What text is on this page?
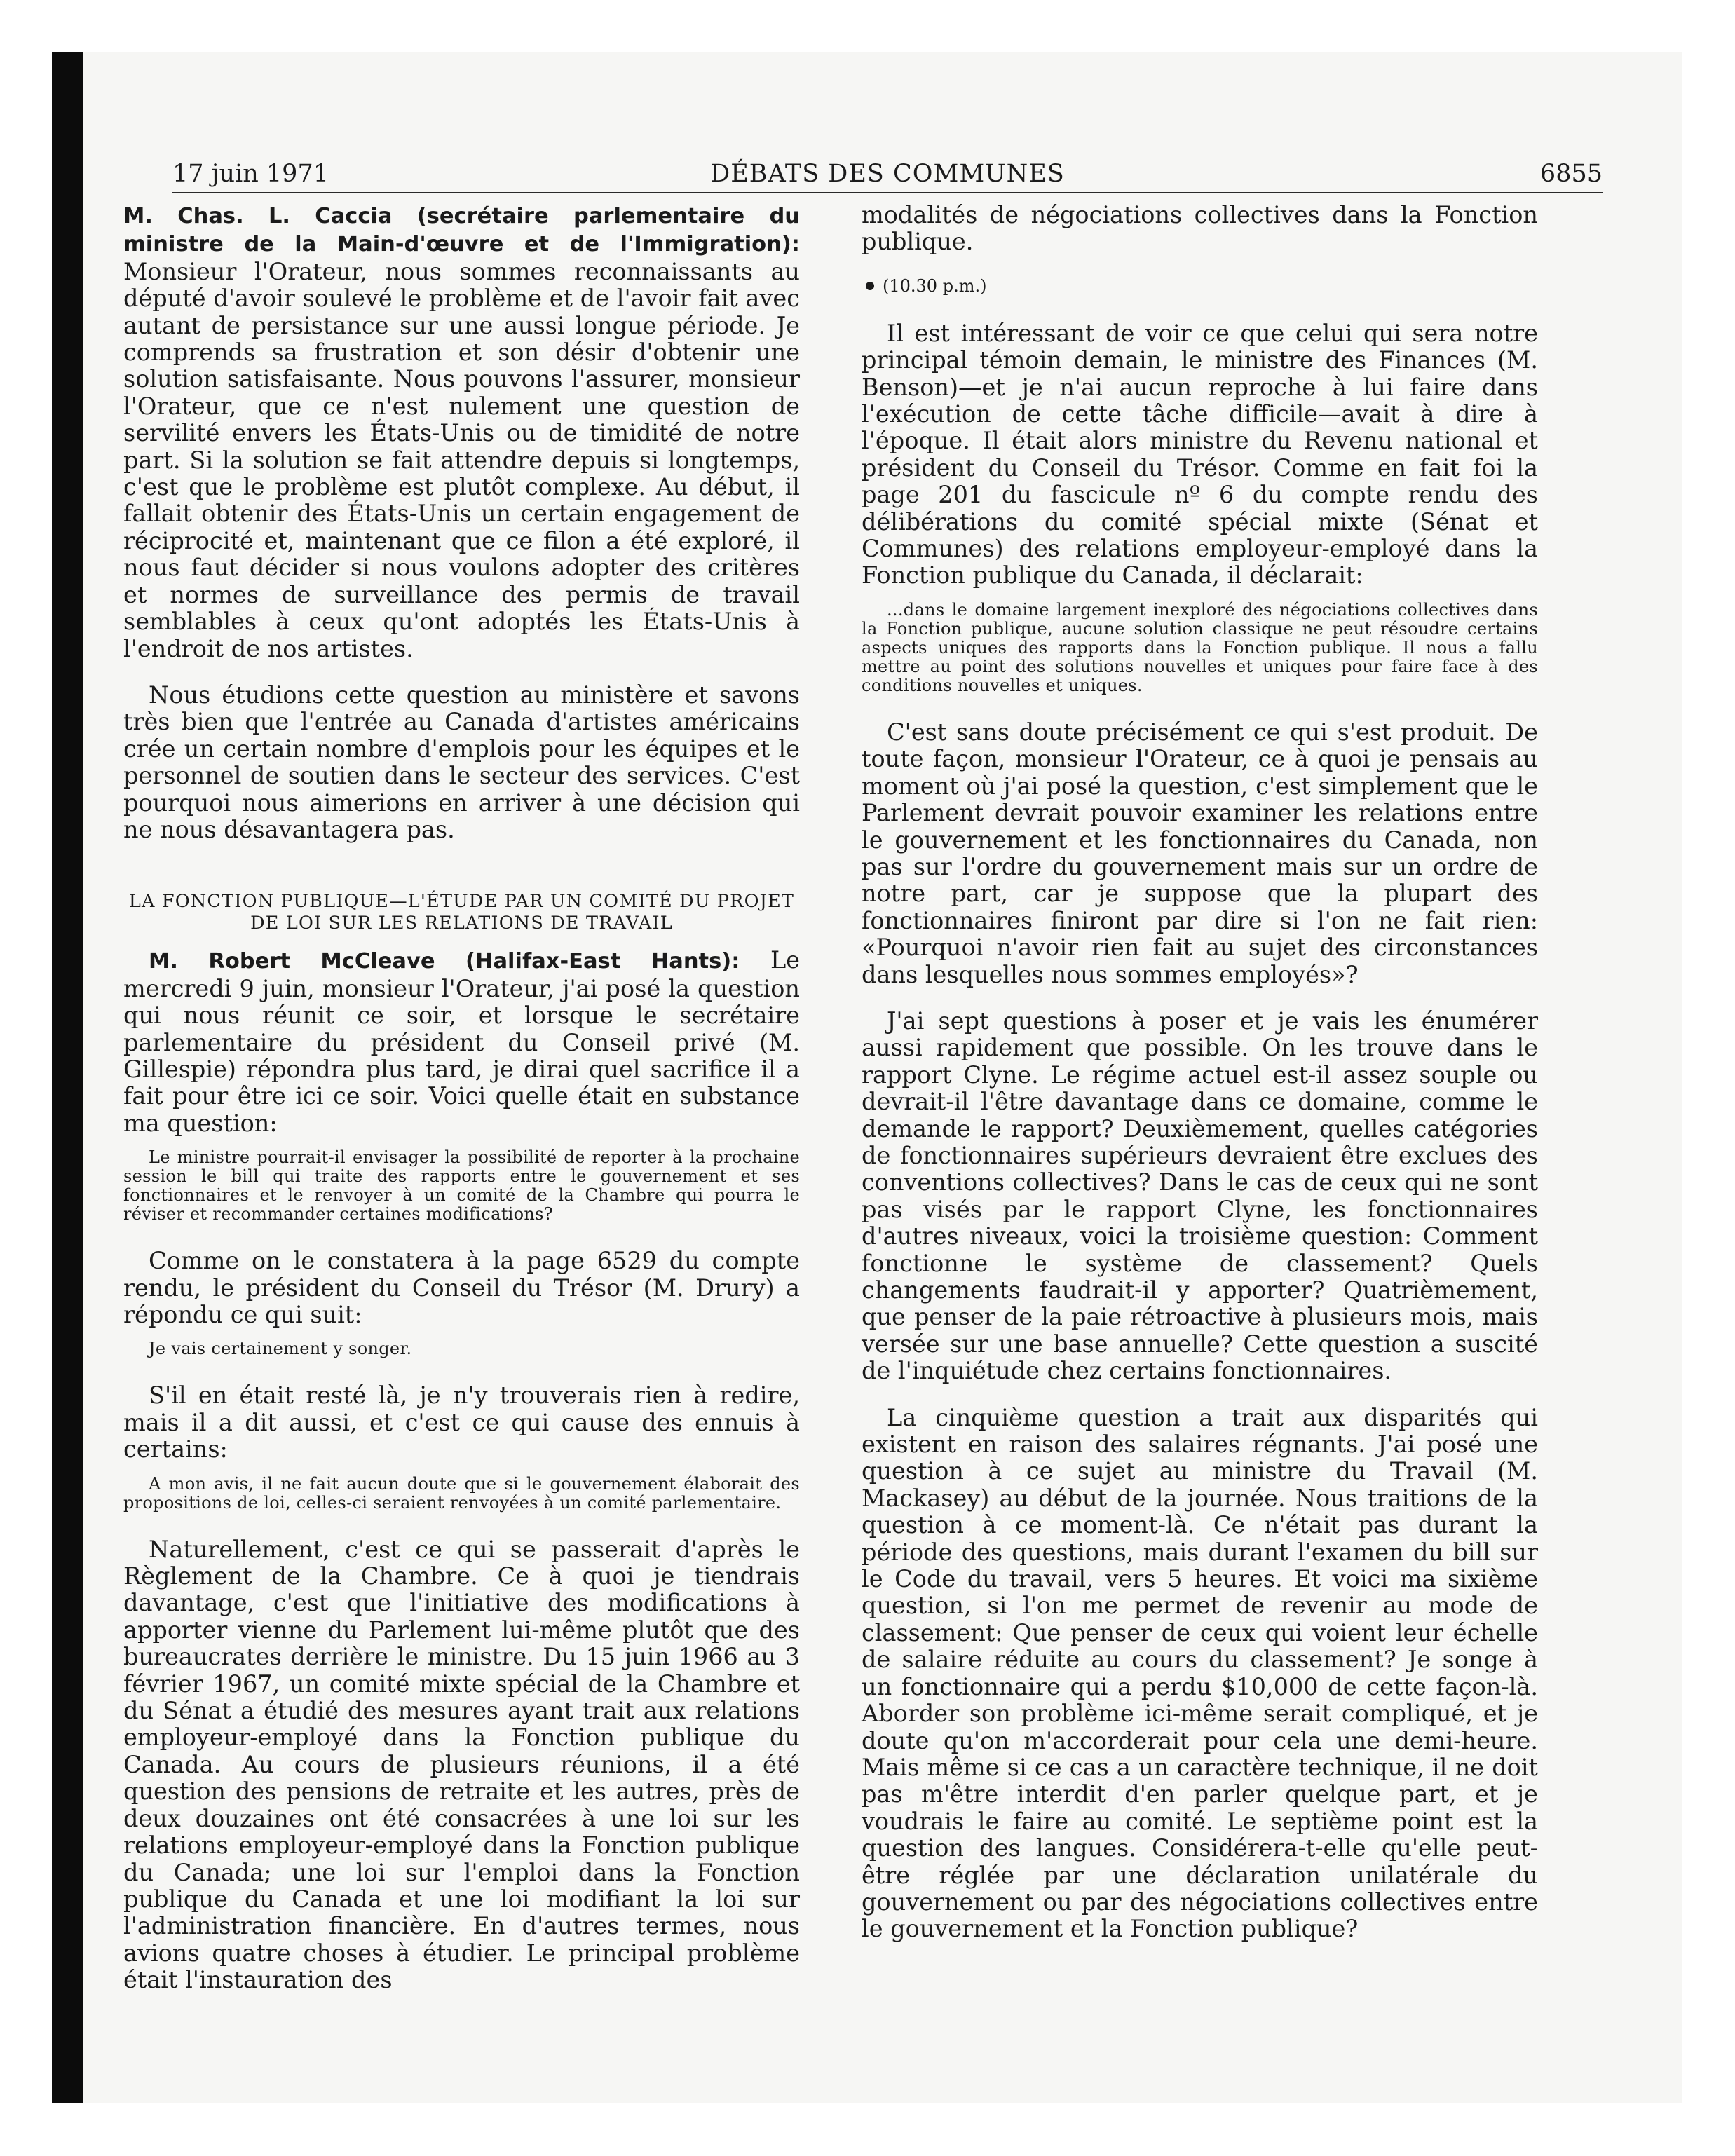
17 juin 1971	DÉBATS DES COMMUNES	6855

M. Chas. L. Caccia (secrétaire parlementaire du ministre de la Main-d'œuvre et de l'Immigration): Monsieur l'Orateur, nous sommes reconnaissants au député d'avoir soulevé le problème et de l'avoir fait avec autant de persistance sur une aussi longue période. Je comprends sa frustration et son désir d'obtenir une solution satisfaisante. Nous pouvons l'assurer, monsieur l'Orateur, que ce n'est nulement une question de servilité envers les États-Unis ou de timidité de notre part. Si la solution se fait attendre depuis si longtemps, c'est que le problème est plutôt complexe. Au début, il fallait obtenir des États-Unis un certain engagement de réciprocité et, maintenant que ce filon a été exploré, il nous faut décider si nous voulons adopter des critères et normes de surveillance des permis de travail semblables à ceux qu'ont adoptés les États-Unis à l'endroit de nos artistes.

Nous étudions cette question au ministère et savons très bien que l'entrée au Canada d'artistes américains crée un certain nombre d'emplois pour les équipes et le personnel de soutien dans le secteur des services. C'est pourquoi nous aimerions en arriver à une décision qui ne nous désavantagera pas.

LA FONCTION PUBLIQUE—L'ÉTUDE PAR UN COMITÉ DU PROJET DE LOI SUR LES RELATIONS DE TRAVAIL

M. Robert McCleave (Halifax-East Hants): Le mercredi 9 juin, monsieur l'Orateur, j'ai posé la question qui nous réunit ce soir, et lorsque le secrétaire parlementaire du président du Conseil privé (M. Gillespie) répondra plus tard, je dirai quel sacrifice il a fait pour être ici ce soir. Voici quelle était en substance ma question:

Le ministre pourrait-il envisager la possibilité de reporter à la prochaine session le bill qui traite des rapports entre le gouvernement et ses fonctionnaires et le renvoyer à un comité de la Chambre qui pourra le réviser et recommander certaines modifications?

Comme on le constatera à la page 6529 du compte rendu, le président du Conseil du Trésor (M. Drury) a répondu ce qui suit:

Je vais certainement y songer.

S'il en était resté là, je n'y trouverais rien à redire, mais il a dit aussi, et c'est ce qui cause des ennuis à certains:

A mon avis, il ne fait aucun doute que si le gouvernement élaborait des propositions de loi, celles-ci seraient renvoyées à un comité parlementaire.

Naturellement, c'est ce qui se passerait d'après le Règlement de la Chambre. Ce à quoi je tiendrais davantage, c'est que l'initiative des modifications à apporter vienne du Parlement lui-même plutôt que des bureaucrates derrière le ministre. Du 15 juin 1966 au 3 février 1967, un comité mixte spécial de la Chambre et du Sénat a étudié des mesures ayant trait aux relations employeur-employé dans la Fonction publique du Canada. Au cours de plusieurs réunions, il a été question des pensions de retraite et les autres, près de deux douzaines ont été consacrées à une loi sur les relations employeur-employé dans la Fonction publique du Canada; une loi sur l'emploi dans la Fonction publique du Canada et une loi modifiant la loi sur l'administration financière. En d'autres termes, nous avions quatre choses à étudier. Le principal problème était l'instauration des

modalités de négociations collectives dans la Fonction publique.

(10.30 p.m.)

Il est intéressant de voir ce que celui qui sera notre principal témoin demain, le ministre des Finances (M. Benson)—et je n'ai aucun reproche à lui faire dans l'exécution de cette tâche difficile—avait à dire à l'époque. Il était alors ministre du Revenu national et président du Conseil du Trésor. Comme en fait foi la page 201 du fascicule nº 6 du compte rendu des délibérations du comité spécial mixte (Sénat et Communes) des relations employeur-employé dans la Fonction publique du Canada, il déclarait:

...dans le domaine largement inexploré des négociations collectives dans la Fonction publique, aucune solution classique ne peut résoudre certains aspects uniques des rapports dans la Fonction publique. Il nous a fallu mettre au point des solutions nouvelles et uniques pour faire face à des conditions nouvelles et uniques.

C'est sans doute précisément ce qui s'est produit. De toute façon, monsieur l'Orateur, ce à quoi je pensais au moment où j'ai posé la question, c'est simplement que le Parlement devrait pouvoir examiner les relations entre le gouvernement et les fonctionnaires du Canada, non pas sur l'ordre du gouvernement mais sur un ordre de notre part, car je suppose que la plupart des fonctionnaires finiront par dire si l'on ne fait rien: «Pourquoi n'avoir rien fait au sujet des circonstances dans lesquelles nous sommes employés»?

J'ai sept questions à poser et je vais les énumérer aussi rapidement que possible. On les trouve dans le rapport Clyne. Le régime actuel est-il assez souple ou devrait-il l'être davantage dans ce domaine, comme le demande le rapport? Deuxièmement, quelles catégories de fonctionnaires supérieurs devraient être exclues des conventions collectives? Dans le cas de ceux qui ne sont pas visés par le rapport Clyne, les fonctionnaires d'autres niveaux, voici la troisième question: Comment fonctionne le système de classement? Quels changements faudrait-il y apporter? Quatrièmement, que penser de la paie rétroactive à plusieurs mois, mais versée sur une base annuelle? Cette question a suscité de l'inquiétude chez certains fonctionnaires.

La cinquième question a trait aux disparités qui existent en raison des salaires régnants. J'ai posé une question à ce sujet au ministre du Travail (M. Mackasey) au début de la journée. Nous traitions de la question à ce moment-là. Ce n'était pas durant la période des questions, mais durant l'examen du bill sur le Code du travail, vers 5 heures. Et voici ma sixième question, si l'on me permet de revenir au mode de classement: Que penser de ceux qui voient leur échelle de salaire réduite au cours du classement? Je songe à un fonctionnaire qui a perdu $10,000 de cette façon-là. Aborder son problème ici-même serait compliqué, et je doute qu'on m'accorderait pour cela une demi-heure. Mais même si ce cas a un caractère technique, il ne doit pas m'être interdit d'en parler quelque part, et je voudrais le faire au comité. Le septième point est la question des langues. Considérera-t-elle qu'elle peut-être réglée par une déclaration unilatérale du gouvernement ou par des négociations collectives entre le gouvernement et la Fonction publique?
